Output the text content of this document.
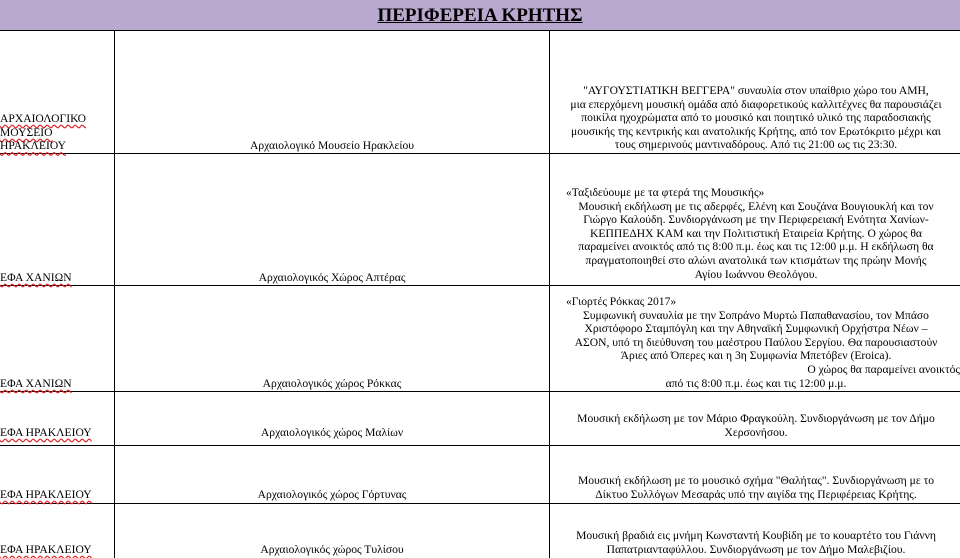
ΠΕΡΙΦΕΡΕΙΑ ΚΡΗΤΗΣ
ΑΡΧΑΙΟΛΟΓΙΚΟ
ΜΟΥΣΕΙΟ
ΗΡΑΚΛΕΙΟΥ	Αρχαιολογικό Μουσείο Ηρακλείου
"ΑΥΓΟΥΣΤΙΑΤΙΚΗ ΒΕΓΓΕΡΑ" συναυλία στον υπαίθριο χώρο του ΑΜΗ,
μια επερχόμενη μουσική ομάδα από διαφορετικούς καλλιτέχνες θα παρουσιάζει
ποικίλα ηχοχρώματα από το μουσικό και ποιητικό υλικό της παραδοσιακής
μουσικής της κεντρικής και ανατολικής Κρήτης, από τον Ερωτόκριτο μέχρι και
τους σημερινούς μαντιναδόρους. Από τις 21:00 ως τις 23:30.
ΕΦΑ ΧΑΝΙΩΝ	Αρχαιολογικός Χώρος Απτέρας
«Ταξιδεύουμε με τα φτερά της Μουσικής»
Μουσική εκδήλωση με τις αδερφές, Ελένη και Σουζάνα Βουγιουκλή και τον
Γιώργο Καλούδη. Συνδιοργάνωση με την Περιφερειακή Ενότητα Χανίων-
ΚΕΠΠΕΔΗΧ ΚΑΜ και την Πολιτιστική Εταιρεία Κρήτης. Ο χώρος θα
παραμείνει ανοικτός από τις 8:00 π.μ. έως και τις 12:00 μ.μ. Η εκδήλωση θα
πραγματοποιηθεί στο αλώνι ανατολικά των κτισμάτων της πρώην Μονής
Αγίου Ιωάννου Θεολόγου.
ΕΦΑ ΧΑΝΙΩΝ	Αρχαιολογικός χώρος Ρόκκας
«Γιορτές Ρόκκας 2017»
Συμφωνική συναυλία με την Σοπράνο Μυρτώ Παπαθανασίου, τον Μπάσο
Χριστόφορο Σταμπόγλη και την Αθηναϊκή Συμφωνική Ορχήστρα Νέων –
ΑΣΟΝ, υπό τη διεύθυνση του μαέστρου Παύλου Σεργίου. Θα παρουσιαστούν
Άριες από Όπερες και η 3η Συμφωνία Μπετόβεν (Eroica).
Ο χώρος θα παραμείνει ανοικτός
από τις 8:00 π.μ. έως και τις 12:00 μ.μ.
ΕΦΑ ΗΡΑΚΛΕΙΟΥ	Αρχαιολογικός χώρος Μαλίων
Μουσική εκδήλωση με τον Μάριο Φραγκούλη. Συνδιοργάνωση με τον Δήμο
Χερσονήσου.
ΕΦΑ ΗΡΑΚΛΕΙΟΥ	Αρχαιολογικός χώρος Γόρτυνας
Μουσική εκδήλωση με το μουσικό σχήμα "Θαλήτας". Συνδιοργάνωση με το
Δίκτυο Συλλόγων Μεσαράς υπό την αιγίδα της Περιφέρειας Κρήτης.
ΕΦΑ ΗΡΑΚΛΕΙΟΥ	Αρχαιολογικός χώρος Τυλίσου
Μουσική βραδιά εις μνήμη Κωνσταντή Κουβίδη με το κουαρτέτο του Γιάννη
Παπατριανταφύλλου. Συνδιοργάνωση με τον Δήμο Μαλεβιζίου.
